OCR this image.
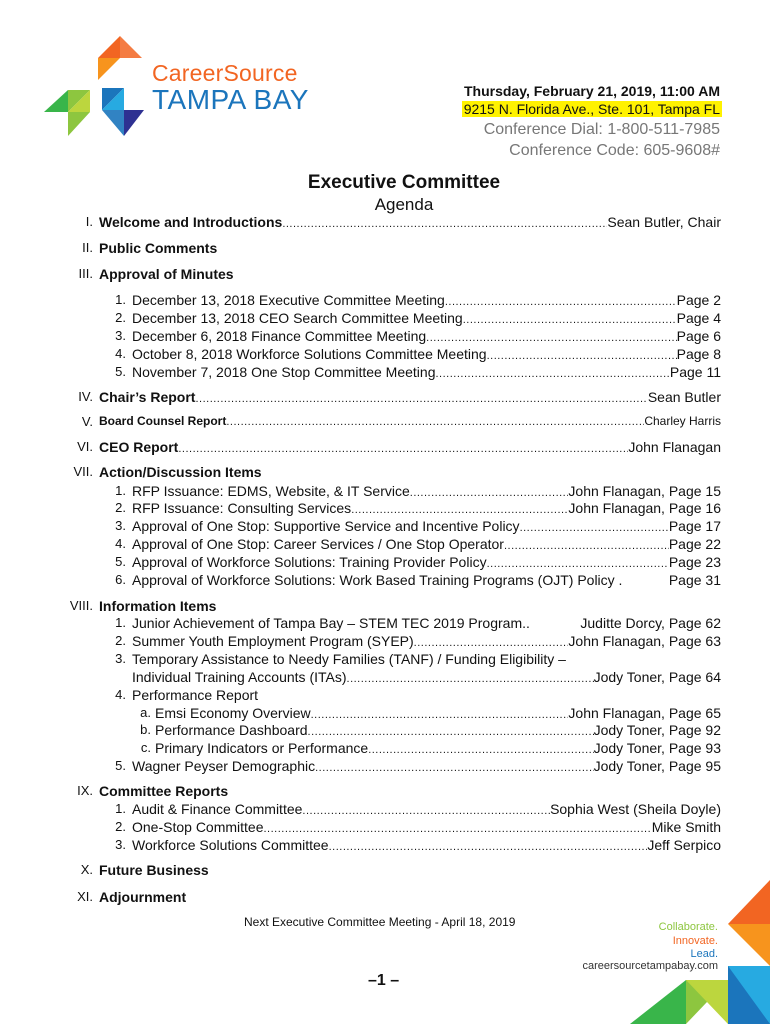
CareerSource
TAMPA BAY	Thursday, February 21, 2019, 11:00 AM
9215 N. Florida Ave., Ste. 101, Tampa FL
Conference Dial: 1-800-511-7985
Conference Code: 605-9608#
Executive Committee
Agenda
I. Welcome and Introductions .....	Sean Butler, Chair
II. Public Comments
III. Approval of Minutes
1. December 13, 2018 Executive Committee Meeting .....	Page 2
2. December 13, 2018 CEO Search Committee Meeting .....	Page 4
3. December 6, 2018 Finance Committee Meeting .....	Page 6
4. October 8, 2018 Workforce Solutions Committee Meeting .....	Page 8
5. November 7, 2018 One Stop Committee Meeting .....	Page 11
IV. Chair’s Report .....	Sean Butler
V. Board Counsel Report .....	Charley Harris
VI. CEO Report .....	John Flanagan
VII. Action/Discussion Items
1. RFP Issuance: EDMS, Website, & IT Service .....	John Flanagan, Page 15
2. RFP Issuance: Consulting Services .....	John Flanagan, Page 16
3. Approval of One Stop: Supportive Service and Incentive Policy .....	Page 17
4. Approval of One Stop: Career Services / One Stop Operator .....	Page 22
5. Approval of Workforce Solutions: Training Provider Policy .....	Page 23
6. Approval of Workforce Solutions: Work Based Training Programs (OJT) Policy .	Page 31
VIII. Information Items
1. Junior Achievement of Tampa Bay – STEM TEC 2019 Program..	Juditte Dorcy, Page 62
2. Summer Youth Employment Program (SYEP) .....	John Flanagan, Page 63
3. Temporary Assistance to Needy Families (TANF) / Funding Eligibility –
Individual Training Accounts (ITAs) .....	Jody Toner, Page 64
4. Performance Report
a. Emsi Economy Overview .....	John Flanagan, Page 65
b. Performance Dashboard .....	Jody Toner, Page 92
c. Primary Indicators or Performance .....	Jody Toner, Page 93
5. Wagner Peyser Demographic .....	Jody Toner, Page 95
IX. Committee Reports
1. Audit & Finance Committee .....	Sophia West (Sheila Doyle)
2. One-Stop Committee .....	Mike Smith
3. Workforce Solutions Committee .....	Jeff Serpico
X. Future Business
XI. Adjournment
Next Executive Committee Meeting - April 18, 2019
–1 –
Collaborate.
Innovate.
Lead.
careersourcetampabay.com
